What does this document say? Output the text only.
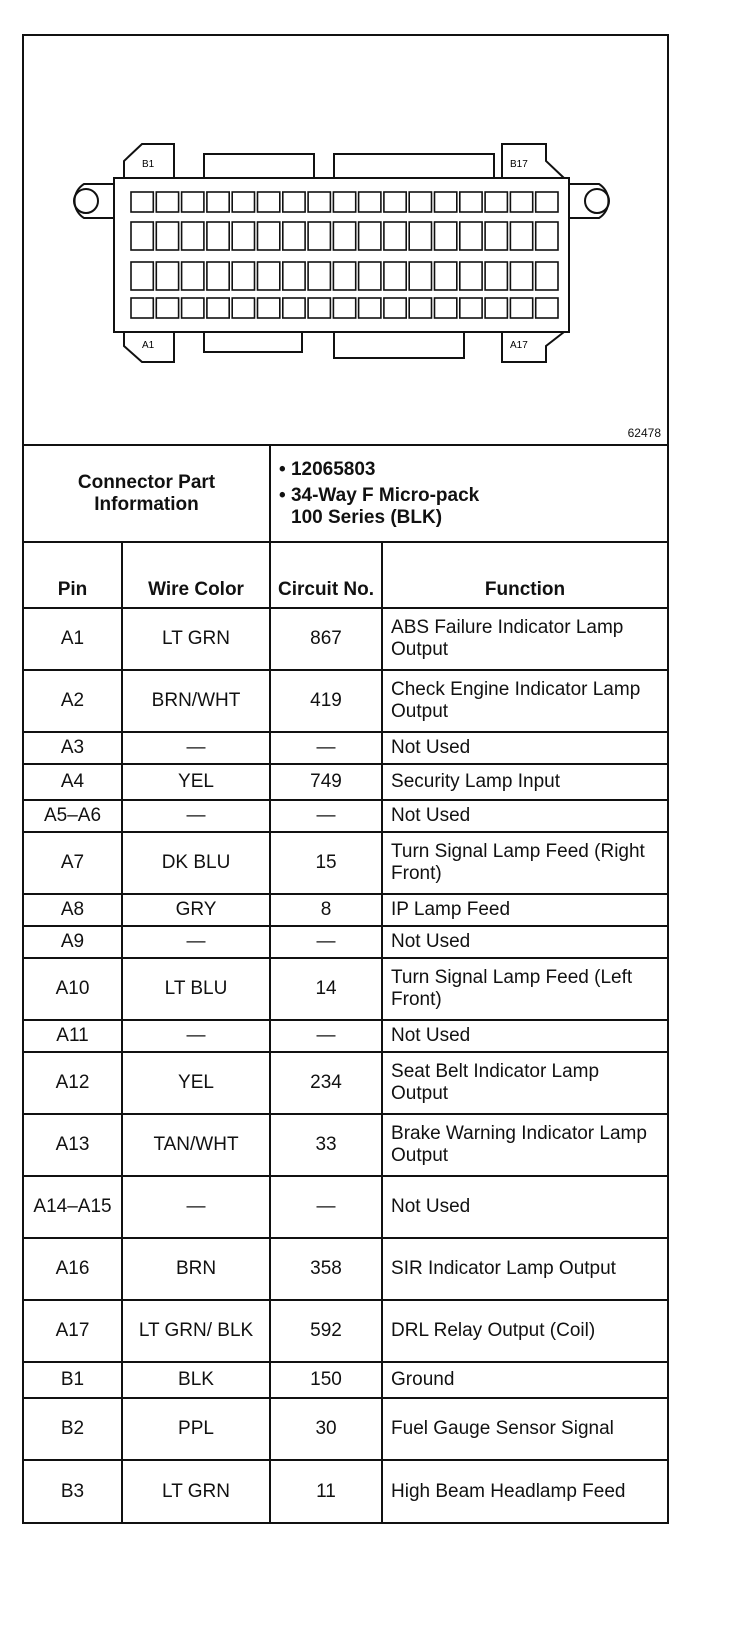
B1	B17
A1	A17
62478
Connector Part Information		• 12065803
• 34-Way F Micro-pack
100 Series (BLK)	

Pin	Wire Color	Circuit No.	Function
A1	LT GRN	867	ABS Failure Indicator Lamp Output
A2	BRN/WHT	419	Check Engine Indicator Lamp Output
A3	—	—	Not Used
A4	YEL	749	Security Lamp Input
A5–A6	—	—	Not Used
A7	DK BLU	15	Turn Signal Lamp Feed (Right Front)
A8	GRY	8	IP Lamp Feed
A9	—	—	Not Used
A10	LT BLU	14	Turn Signal Lamp Feed (Left Front)
A11	—	—	Not Used
A12	YEL	234	Seat Belt Indicator Lamp Output
A13	TAN/WHT	33	Brake Warning Indicator Lamp Output
A14–A15	—	—	Not Used
A16	BRN	358	SIR Indicator Lamp Output
A17	LT GRN/ BLK	592	DRL Relay Output (Coil)
B1	BLK	150	Ground
B2	PPL	30	Fuel Gauge Sensor Signal
B3	LT GRN	11	High Beam Headlamp Feed
